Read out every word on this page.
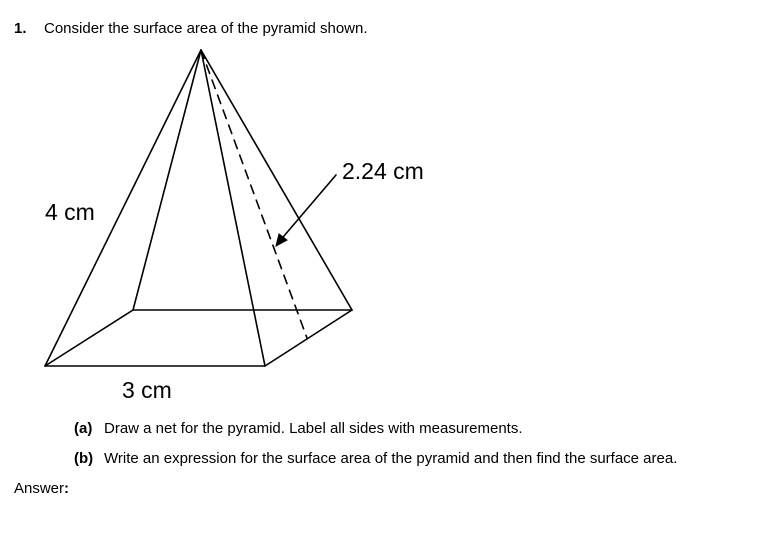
1. Consider the surface area of the pyramid shown.
4 cm
2.24 cm
3 cm
(a) Draw a net for the pyramid. Label all sides with measurements.
(b) Write an expression for the surface area of the pyramid and then find the surface area.
Answer:
